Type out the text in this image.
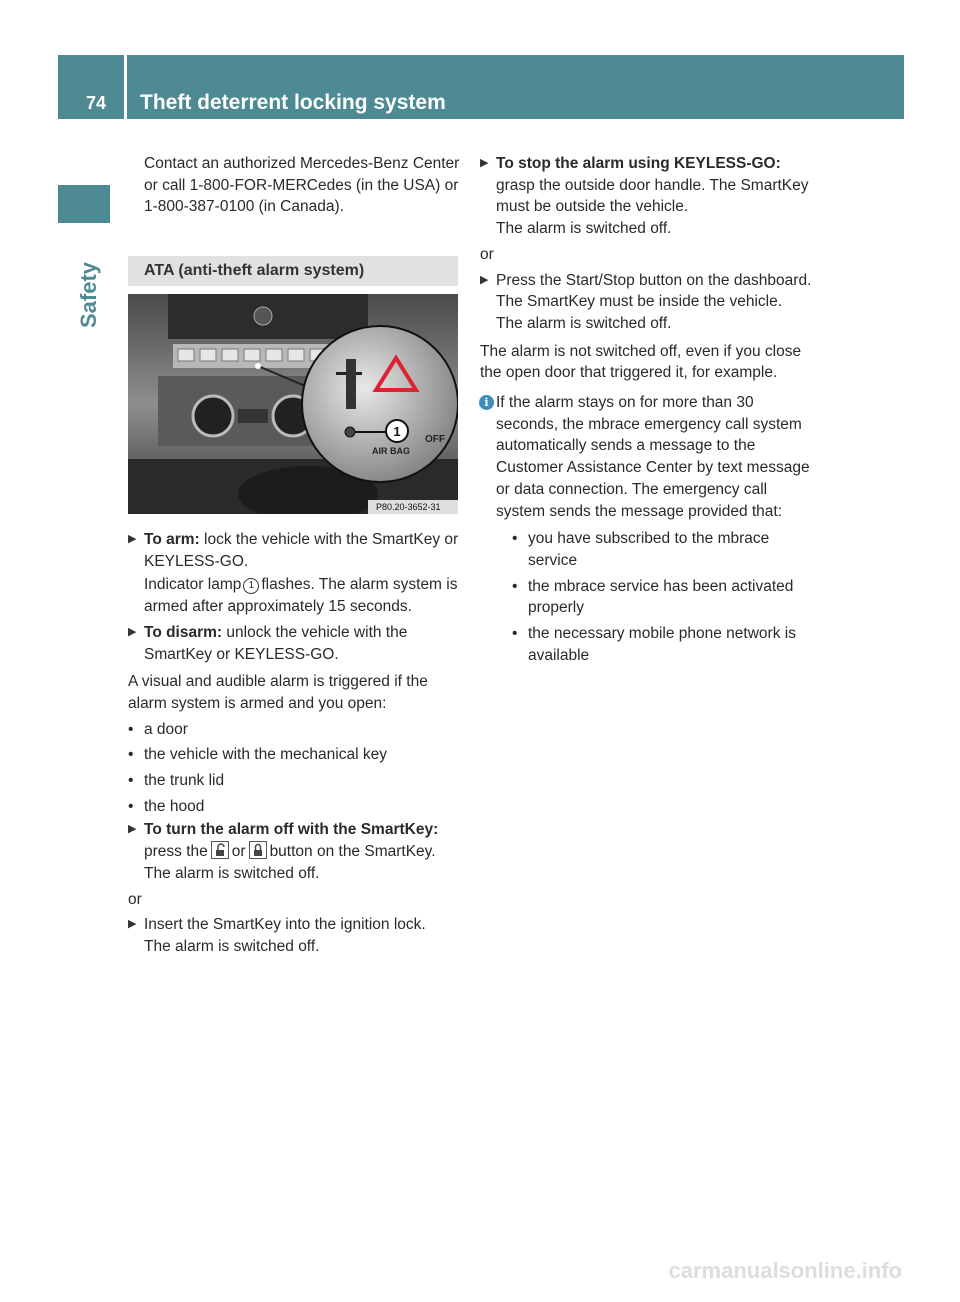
74 Theft deterrent locking system
Safety

Contact an authorized Mercedes-Benz Center or call 1-800-FOR-MERCedes (in the USA) or 1-800-387-0100 (in Canada).

ATA (anti-theft alarm system)
1
AIR BAG
OFF
P80.20-3652-31
▶ To arm: lock the vehicle with the SmartKey or KEYLESS-GO.

Indicator lamp 1 flashes. The alarm system is armed after approximately 15 seconds.

▶ To disarm: unlock the vehicle with the SmartKey or KEYLESS-GO.

A visual and audible alarm is triggered if the alarm system is armed and you open:

• a door
• the vehicle with the mechanical key
• the trunk lid
• the hood
▶ To turn the alarm off with the SmartKey: press the or button on the SmartKey.

The alarm is switched off.

or

▶ Insert the SmartKey into the ignition lock.

The alarm is switched off.

▶ To stop the alarm using KEYLESS-GO: grasp the outside door handle. The SmartKey must be outside the vehicle.

The alarm is switched off.

or

▶ Press the Start/Stop button on the dashboard. The SmartKey must be inside the vehicle.

The alarm is switched off.

The alarm is not switched off, even if you close the open door that triggered it, for example.

i If the alarm stays on for more than 30 seconds, the mbrace emergency call system automatically sends a message to the Customer Assistance Center by text message or data connection. The emergency call system sends the message provided that:

• you have subscribed to the mbrace service
• the mbrace service has been activated properly
• the necessary mobile phone network is available
carmanualsonline.info
